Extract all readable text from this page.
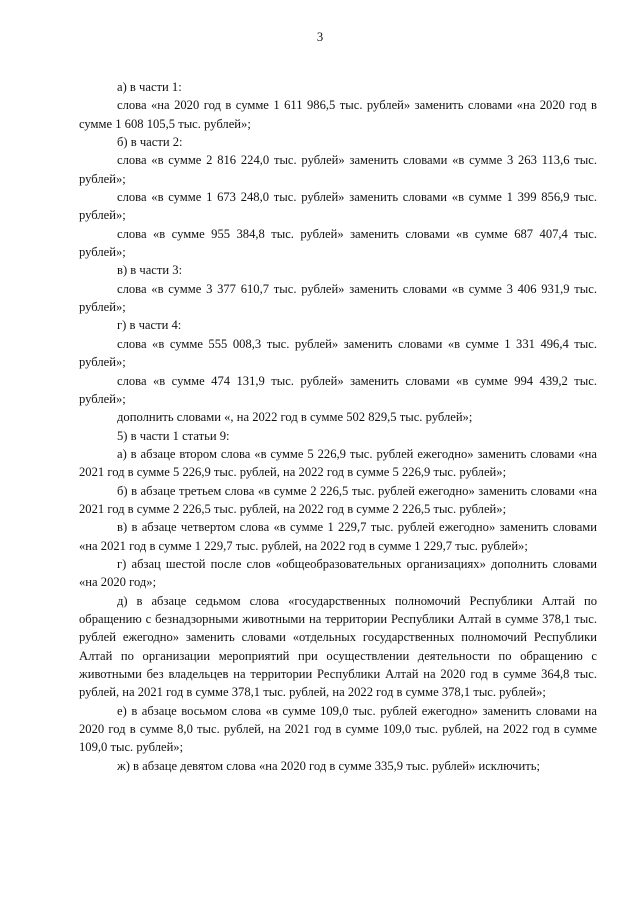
3
а) в части 1:
слова «на 2020 год в сумме 1 611 986,5 тыс. рублей» заменить словами «на 2020 год в сумме 1 608 105,5 тыс. рублей»;
б) в части 2:
слова «в сумме 2 816 224,0 тыс. рублей» заменить словами «в сумме 3 263 113,6 тыс. рублей»;
слова «в сумме 1 673 248,0 тыс. рублей» заменить словами «в сумме 1 399 856,9 тыс. рублей»;
слова «в сумме 955 384,8 тыс. рублей» заменить словами «в сумме 687 407,4 тыс. рублей»;
в) в части 3:
слова «в сумме 3 377 610,7 тыс. рублей» заменить словами «в сумме 3 406 931,9 тыс. рублей»;
г) в части 4:
слова «в сумме 555 008,3 тыс. рублей» заменить словами «в сумме 1 331 496,4 тыс. рублей»;
слова «в сумме 474 131,9 тыс. рублей» заменить словами «в сумме 994 439,2 тыс. рублей»;
дополнить словами «, на 2022 год в сумме 502 829,5 тыс. рублей»;
5) в части 1 статьи 9:
а) в абзаце втором слова «в сумме 5 226,9 тыс. рублей ежегодно» заменить словами «на 2021 год в сумме 5 226,9 тыс. рублей, на 2022 год в сумме 5 226,9 тыс. рублей»;
б) в абзаце третьем слова «в сумме 2 226,5 тыс. рублей ежегодно» заменить словами «на 2021 год в сумме 2 226,5 тыс. рублей, на 2022 год в сумме 2 226,5 тыс. рублей»;
в) в абзаце четвертом слова «в сумме 1 229,7 тыс. рублей ежегодно» заменить словами «на 2021 год в сумме 1 229,7 тыс. рублей, на 2022 год в сумме 1 229,7 тыс. рублей»;
г) абзац шестой после слов «общеобразовательных организациях» дополнить словами «на 2020 год»;
д) в абзаце седьмом слова «государственных полномочий Республики Алтай по обращению с безнадзорными животными на территории Республики Алтай в сумме 378,1 тыс. рублей ежегодно» заменить словами «отдельных государственных полномочий Республики Алтай по организации мероприятий при осуществлении деятельности по обращению с животными без владельцев на территории Республики Алтай на 2020 год в сумме 364,8 тыс. рублей, на 2021 год в сумме 378,1 тыс. рублей, на 2022 год в сумме 378,1 тыс. рублей»;
е) в абзаце восьмом слова «в сумме 109,0 тыс. рублей ежегодно» заменить словами на 2020 год в сумме 8,0 тыс. рублей, на 2021 год в сумме 109,0 тыс. рублей, на 2022 год в сумме 109,0 тыс. рублей»;
ж) в абзаце девятом слова «на 2020 год в сумме 335,9 тыс. рублей» исключить;
